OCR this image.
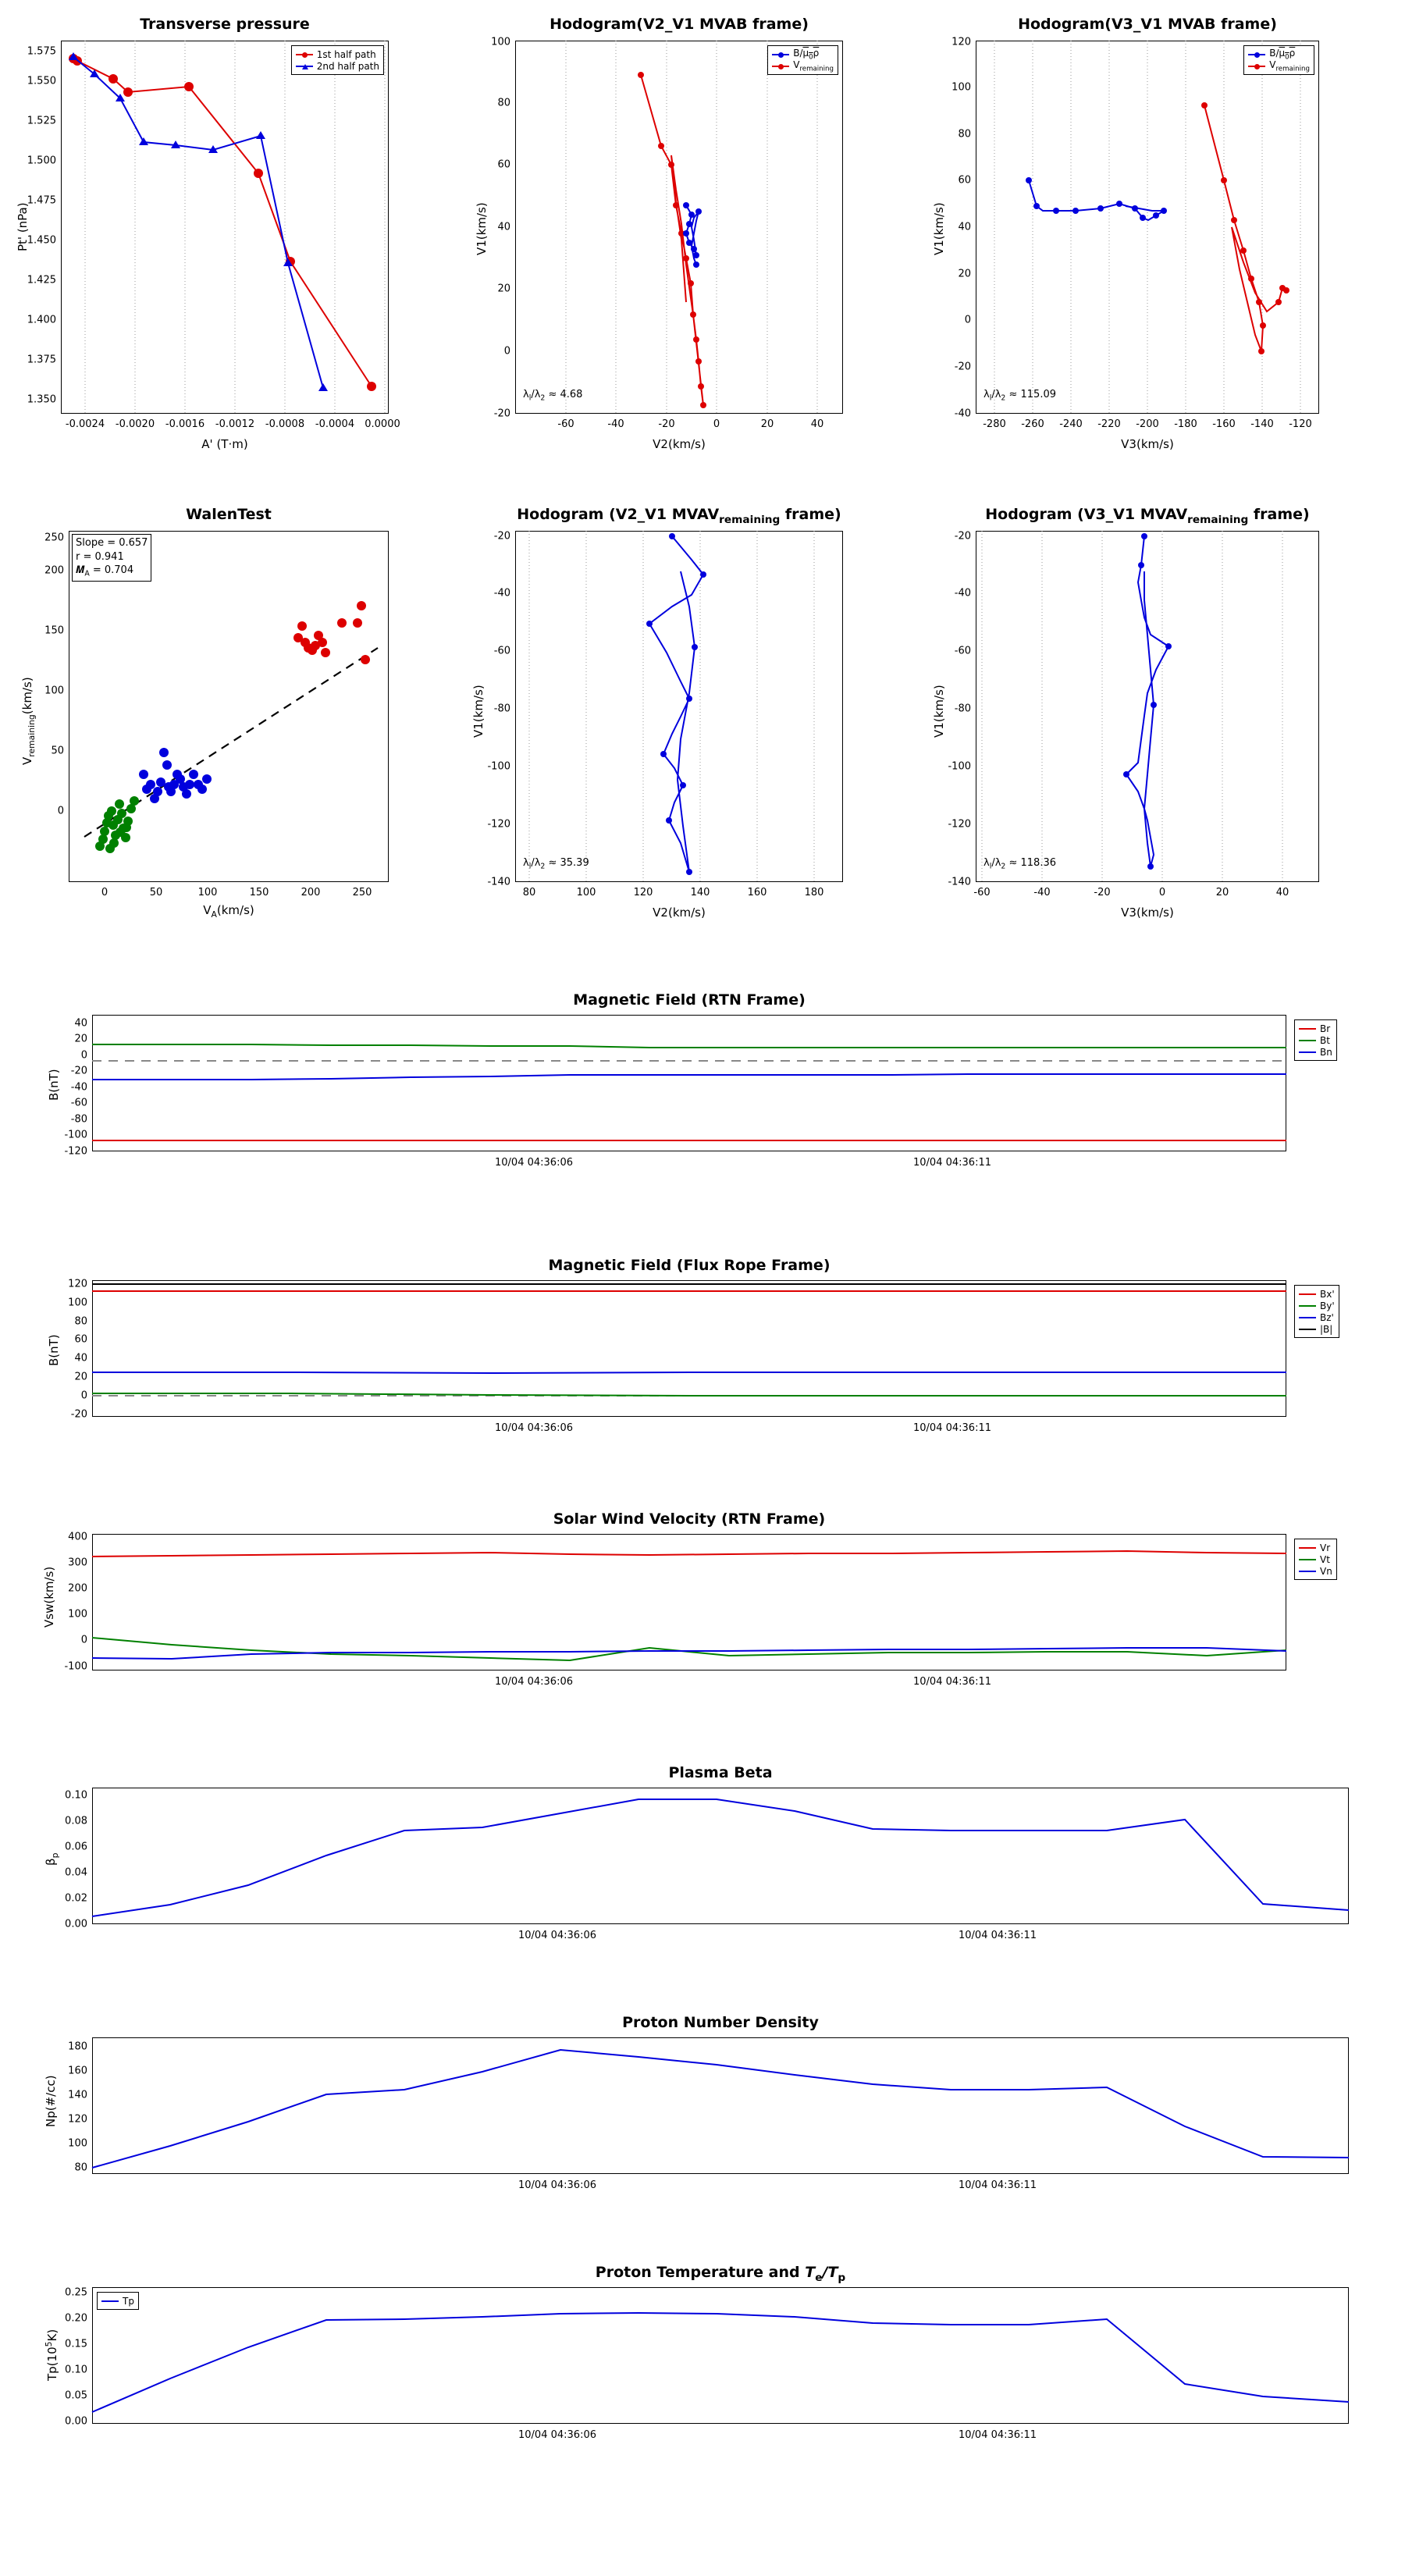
Transverse pressure
Pt' (nPa)
A' (T·m)
1.350
1.375
1.400
1.425
1.450
1.475
1.500
1.525
1.550
1.575
-0.0024 -0.0020 -0.0016 -0.0012 -0.0008 -0.0004 0.0000
1st half path
2nd half path
Hodogram(V2_V1 MVAB frame)
V1(km/s)
V2(km/s)
-20
0
20
40
60
80
100
-60	-40	-20	0	20	40
B/µ$_0$ρ
$V_{remaining}$
$\lambda_l/\lambda_2 \approx 4.68$
Hodogram(V3_V1 MVAB frame)
V1(km/s)
V3(km/s)
-40
-20
0
20
40
60
80
100
120
-280 -260 -240 -220 -200 -180 -160 -140 -120
B/µ$_0$ρ
$V_{remaining}$
$\lambda_l/\lambda_2 \approx 115.09$
WalenTest
$V_{remaining}(km/s)$
$V_A(km/s)$
0
50
100
150
200
250
0	50	100	150	200	250
Slope = 0.657
r = 0.941
𝑴$_A$ = 0.704
Hodogram (V2_V1 $MVAV_{remaining}$ frame)
V1(km/s)
V2(km/s)
-140
-120
-100
-80
-60
-40
-20
80	100	120	140	160	180
$\lambda_l/\lambda_2 \approx 35.39$
Hodogram (V3_V1 $MVAV_{remaining}$ frame)
V1(km/s)
V3(km/s)
-140
-120
-100
-80
-60
-40
-20
-60	-40	-20	0	20	40
$\lambda_l/\lambda_2 \approx 118.36$
Magnetic Field (RTN Frame)
B(nT)
-120
-100
-80
-60
-40
-20
0
20
40
10/04 04:36:06	10/04 04:36:11
Br
Bt
Bn
Magnetic Field (Flux Rope Frame)
B(nT)
-20
0
20
40
60
80
100
120
10/04 04:36:06	10/04 04:36:11
Bx'
By'
Bz'
|B|
Solar Wind Velocity (RTN Frame)
Vsw(km/s)
-100
0
100
200
300
400
10/04 04:36:06	10/04 04:36:11
Vr
Vt
Vn
Plasma Beta
$\beta_p$
0.00
0.02
0.04
0.06
0.08
0.10
10/04 04:36:06	10/04 04:36:11
Proton Number Density
Np(#/cc)
80
100
120
140
160
180
10/04 04:36:06	10/04 04:36:11
Proton Temperature and $T_e/T_p$
$Tp(10^5K)$
0.00
0.05
0.10
0.15
0.20
0.25
10/04 04:36:06	10/04 04:36:11
Tp
